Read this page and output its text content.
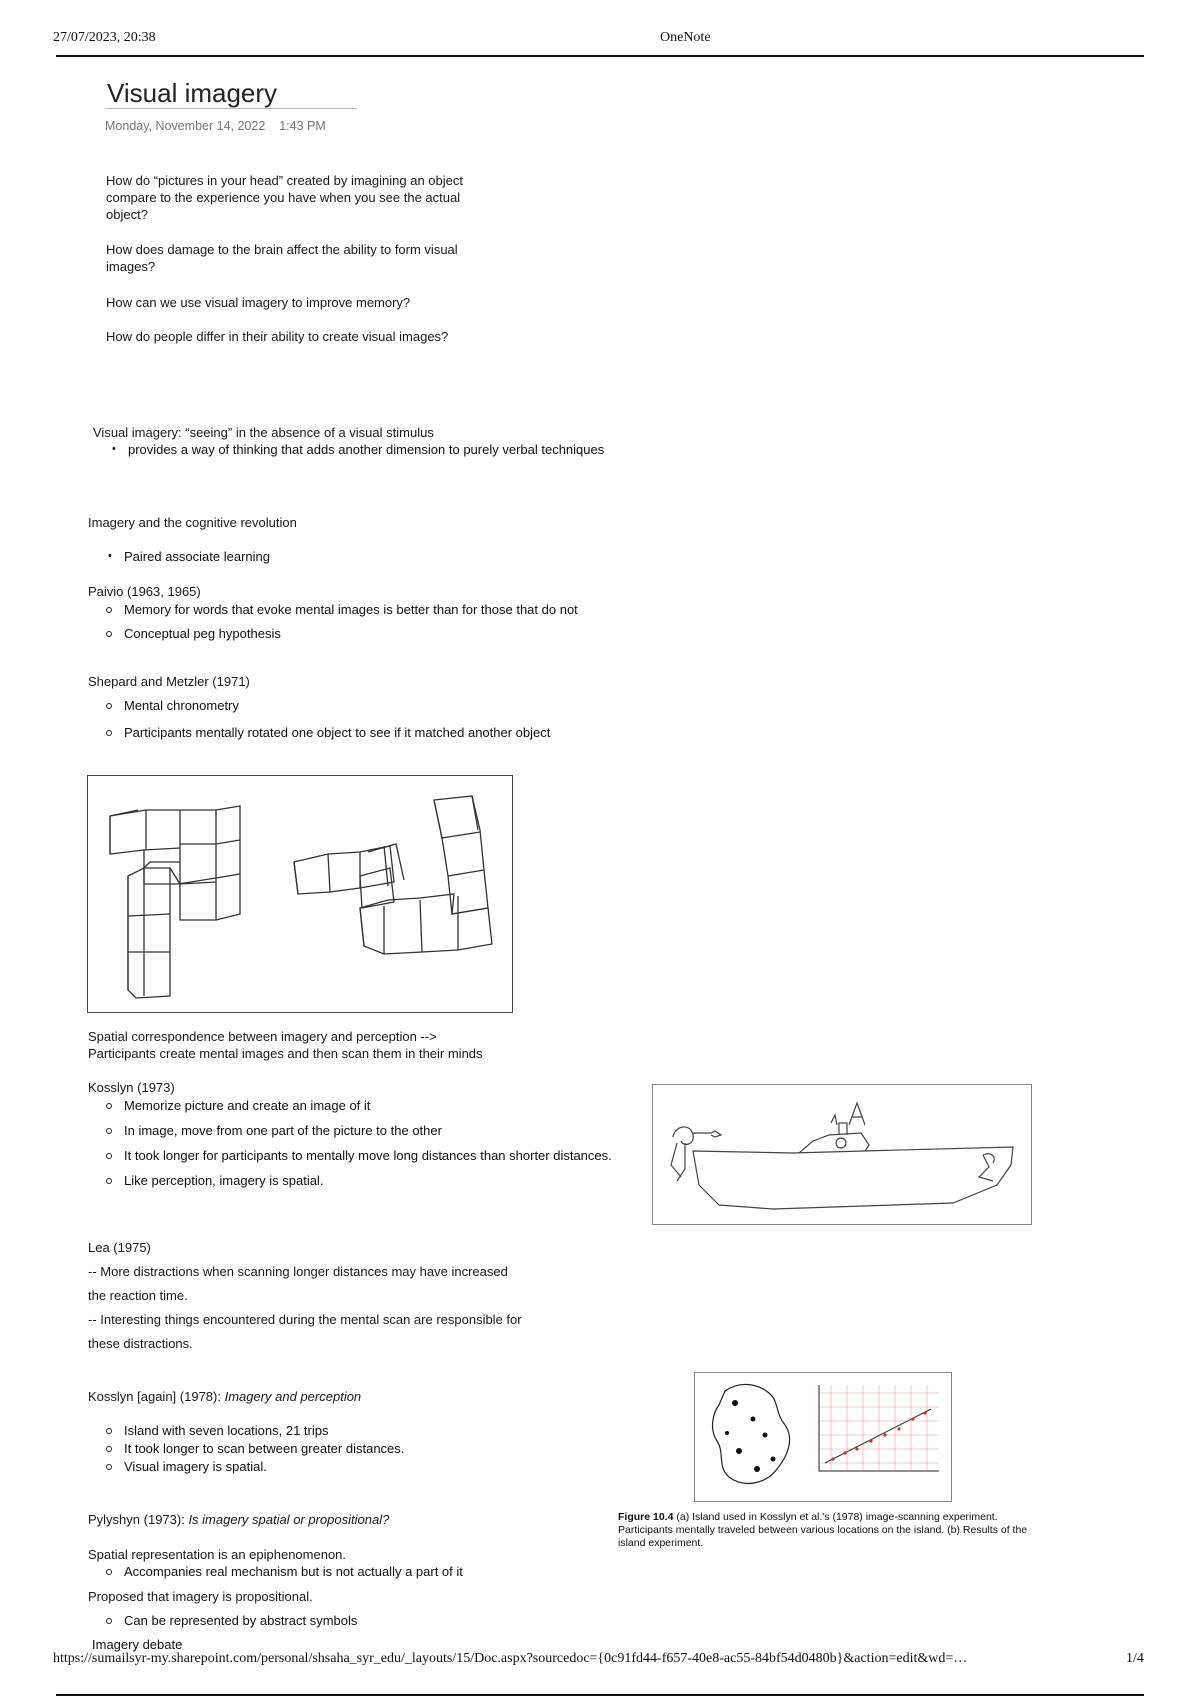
27/07/2023, 20:38	OneNote
Visual imagery
Monday, November 14, 2022 1:43 PM
How do “pictures in your head” created by imagining an object compare to the experience you have when you see the actual object?
How does damage to the brain affect the ability to form visual images?
How can we use visual imagery to improve memory?
How do people differ in their ability to create visual images?
Visual imagery: “seeing” in the absence of a visual stimulus
• provides a way of thinking that adds another dimension to purely verbal techniques
Imagery and the cognitive revolution
• Paired associate learning
Paivio (1963, 1965)
Memory for words that evoke mental images is better than for those that do not
Conceptual peg hypothesis
Shepard and Metzler (1971)
Mental chronometry
Participants mentally rotated one object to see if it matched another object
Spatial correspondence between imagery and perception -->
Participants create mental images and then scan them in their minds
Kosslyn (1973)
Memorize picture and create an image of it
In image, move from one part of the picture to the other
It took longer for participants to mentally move long distances than shorter distances.
Like perception, imagery is spatial.
Lea (1975)
-- More distractions when scanning longer distances may have increased
the reaction time.
-- Interesting things encountered during the mental scan are responsible for
these distractions.
Kosslyn [again] (1978): Imagery and perception
Island with seven locations, 21 trips
It took longer to scan between greater distances.
Visual imagery is spatial.
Figure 10.4 (a) Island used in Kosslyn et al.'s (1978) image-scanning experiment. Participants mentally traveled between various locations on the island. (b) Results of the island experiment.
Pylyshyn (1973): Is imagery spatial or propositional?
Spatial representation is an epiphenomenon.
Accompanies real mechanism but is not actually a part of it
Proposed that imagery is propositional.
Can be represented by abstract symbols
Imagery debate
https://sumailsyr-my.sharepoint.com/personal/shsaha_syr_edu/_layouts/15/Doc.aspx?sourcedoc={0c91fd44-f657-40e8-ac55-84bf54d0480b}&action=edit&wd=…	1/4
